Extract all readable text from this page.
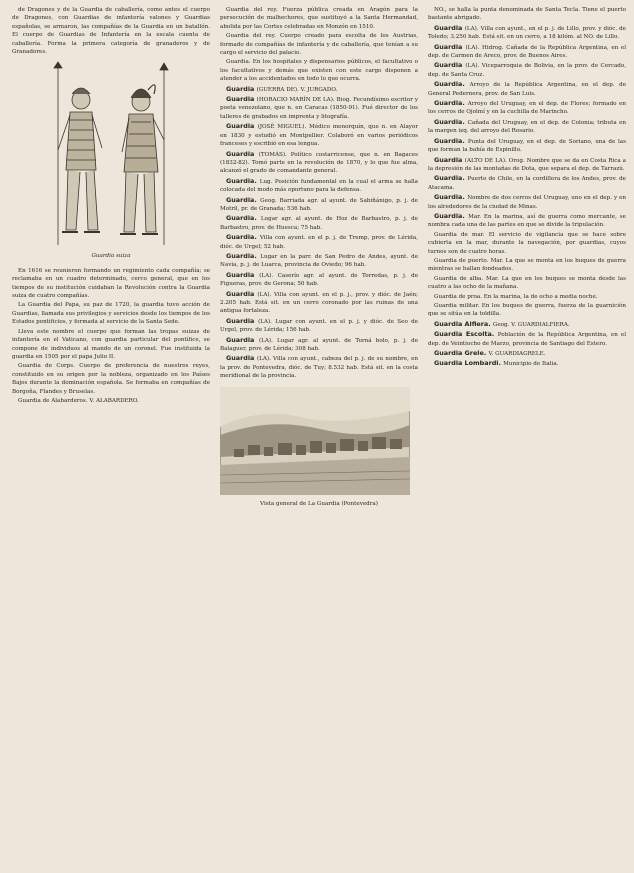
de Dragones y de la Guardia de caballería, como antes el cuerpo de Dragones, con Guardias de infantería valones y Guardias españolas, se armaron, las compañías de la Guardia en un batallón. El cuerpo de Guardias de Infantería en la escala cuenta de caballería. Forma la primera categoría de granaderos y de Granadores.

Guardia suiza

En 1616 se reunieron formando un regimiento cada compañía; se reclamaba en un cuadro determinado, cerco general, que en los tiempos de su institución cuidaban la Revolución contra la Guardia suiza de cuatro compañías.

La Guardia del Papa, su paz de 1720, la guardia tuvo acción de Guardias, llamada sus privilegios y servicios desde los tiempos de los Estados pontificios, y formada al servicio de la Santa Sede.

Lleva este nombre el cuerpo que forman las tropas suizas de infantería en el Vaticano, con guardia particular del pontífice, se compone de individuos al mando de un coronel. Fue instituida la guardia en 1505 por el papa Julio II.

Guardia de Corps. Cuerpo de preferencia de nuestros reyes, constituido en su origen por la nobleza, organizado en los Países Bajos durante la dominación española. Se formaba en compañías de Borgoña, Flandes y Bruselas.

Guardia de Alabarderos. V. ALABARDERO.

Guardia del rey. Fuerza pública creada en Aragón para la persecución de malhechores, que sustituyó a la Santa Hermandad, abolida por las Cortes celebradas en Monzón en 1510.

Guardia del rey. Cuerpo creado para escolta de los Austrias, formado de compañías de infantería y de caballería, que tenían a su cargo el servicio del palacio.

Guardia. En los hospitales y dispensarios públicos, el facultativo o los facultativos y demás que existen con este cargo disponen a atender a los accidentados en todo lo que ocurra.

Guardia (GUERRA DE). V. JURGADO.

Guardia (HORACIO MARÍN DE LA). Biog. Fecundísimo escritor y poeta venezolano, que n. en Caracas (1850-91). Fué director de los talleres de grabados en imprenta y litografía.

Guardia (JOSÉ MIGUEL). Médico menorquín, que n. en Alayor en 1830 y estudió en Montpellier. Colaboró en varios periódicos franceses y escribió en esa lengua.

Guardia (TOMÁS). Político costarricense, que n. en Bagaces (1832-82). Tomó parte en la revolución de 1870, y lo que fue alma, alcanzó el grado de comandante general.

Guardia. Lug. Posición fundamental en la cual el arma se halla colocada del modo más oportuno para la defensa.

Guardia. Geog. Barriada agr. al ayunt. de Sabiñánigo, p. j. de Motril, pr. de Granada; 536 hab.

Guardia. Lugar agr. al ayunt. de Hoz de Barbastro, p. j. de Barbastro, prov. de Huesca; 75 hab.

Guardia. Villa con ayunt. en el p. j. de Tremp, prov. de Lérida, dióc. de Urgel; 52 hab.

Guardia. Lugar en la parr. de San Pedro de Andes, ayunt. de Navia, p. j. de Luarca, provincia de Oviedo; 96 hab.

Guardia (LA). Caserío agr. al ayunt. de Torredas, p. j. de Figueras, prov. de Gerona; 50 hab.

Guardia (LA). Villa con ayunt. en el p. j., prov. y dióc. de Jaén; 2.205 hab. Está sit. en un cerro coronado por las ruinas de una antigua fortaleza.

Guardia (LA). Lugar con ayunt. en el p. j. y dióc. de Seo de Urgel, prov. de Lérida; 156 hab.

Guardia (LA). Lugar agr. al ayunt. de Torná bolo, p. j. de Balaguer, prov. de Lérida; 308 hab.

Guardia (LA). Villa con ayunt., cabeza del p. j. de su nombre, en la prov. de Pontevedra, dióc. de Tuy; 8.532 hab. Está sit. en la costa meridional de la provincia.

Vista general de La Guardia (Pontevedra)

NO., se halla la punta denominada de Santa Tecla. Tiene el puerto bastante abrigado.

Guardia (LA). Villa con ayunt., en el p. j. de Lillo, prov. y dióc. de Toledo; 3.250 hab. Está sit. en un cerro, a 18 kilóm. al NO. de Lillo.

Guardia (LA). Hidrog. Cañada de la República Argentina, en el dep. de Carmen de Areco, prov. de Buenos Aires.

Guardia (LA). Viceparroquia de Bolivia, en la prov. de Cercado, dep. de Santa Cruz.

Guardia. Arroyo de la República Argentina, en el dep. de General Pedernera, prov. de San Luis.

Guardia. Arroyo del Uruguay, en el dep. de Flores; formado en los cerros de Ojolmí y en la cuchilla de Marincho.

Guardia. Cañada del Uruguay, en el dep. de Colonia; tributa en la margen izq. del arroyo del Rosario.

Guardia. Punta del Uruguay, en el dep. de Soriano, una de las que forman la bahía de Espinillo.

Guardia (ALTO DE LA). Orog. Nombre que se da en Costa Rica a la depresión de las montañas de Dota, que separa el dep. de Tarrazú.

Guardia. Puerto de Chile, en la cordillera de los Andes, prov. de Atacama.

Guardia. Nombre de dos cerros del Uruguay, uno en el dep. y en los alrededores de la ciudad de Minas.

Guardia. Mar. En la marina, así de guerra como mercante, se nombra cada una de las partes en que se divide la tripulación.

Guardia de mar. El servicio de vigilancia que se hace sobre cubierta en la mar, durante la navegación, por guardias, cuyos turnos son de cuatro horas.

Guardia de puerto. Mar. La que se monta en los buques de guerra mientras se hallan fondeados.

Guardia de alba. Mar. La que en los buques se monta desde las cuatro a las ocho de la mañana.

Guardia de proa. En la marina, la de ocho a media noche.

Guardia militar. En los buques de guerra, fuerza de la guarnición que se sitúa en la toldilla.

Guardia Alfiera. Geog. V. GUARDIALFIERA.

Guardia Escolta. Población de la República Argentina, en el dep. de Veintiocho de Marzo, provincia de Santiago del Estero.

Guardia Grele. V. GUARDIAGRELE.

Guardia Lombardi. Municipio de Italia.
